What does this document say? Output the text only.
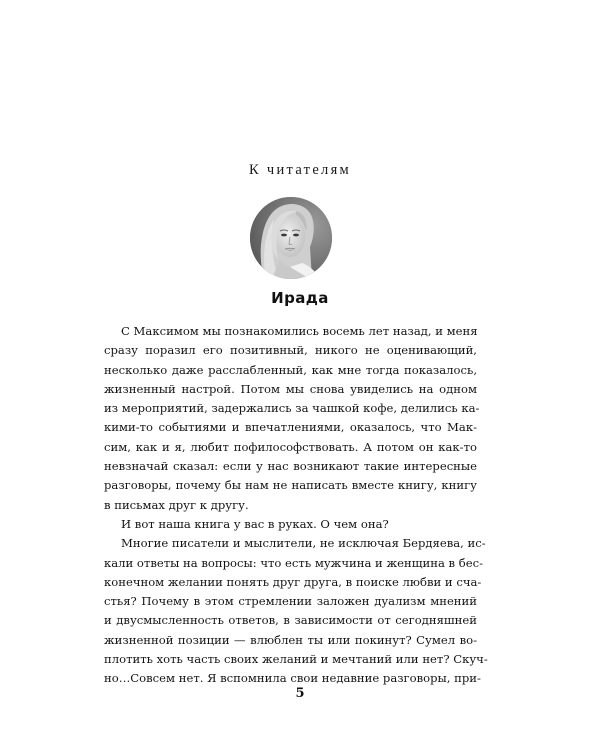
К читателям
Ирада
С Максимом мы познакомились восемь лет назад, и меня
сразу поразил его позитивный, никого не оценивающий,
несколько даже расслабленный, как мне тогда показалось,
жизненный настрой. Потом мы снова увиделись на одном
из мероприятий, задержались за чашкой кофе, делились ка-
кими-то событиями и впечатлениями, оказалось, что Мак-
сим, как и я, любит пофилософствовать. А потом он как-то
невзначай сказал: если у нас возникают такие интересные
разговоры, почему бы нам не написать вместе книгу, книгу
в письмах друг к другу.
И вот наша книга у вас в руках. О чем она?
Многие писатели и мыслители, не исключая Бердяева, ис-
кали ответы на вопросы: что есть мужчина и женщина в бес-
конечном желании понять друг друга, в поиске любви и сча-
стья? Почему в этом стремлении заложен дуализм мнений
и двусмысленность ответов, в зависимости от сегодняшней
жизненной позиции — влюблен ты или покинут? Сумел во-
плотить хоть часть своих желаний и мечтаний или нет? Скуч-
но…Совсем нет. Я вспомнила свои недавние разговоры, при-
5
